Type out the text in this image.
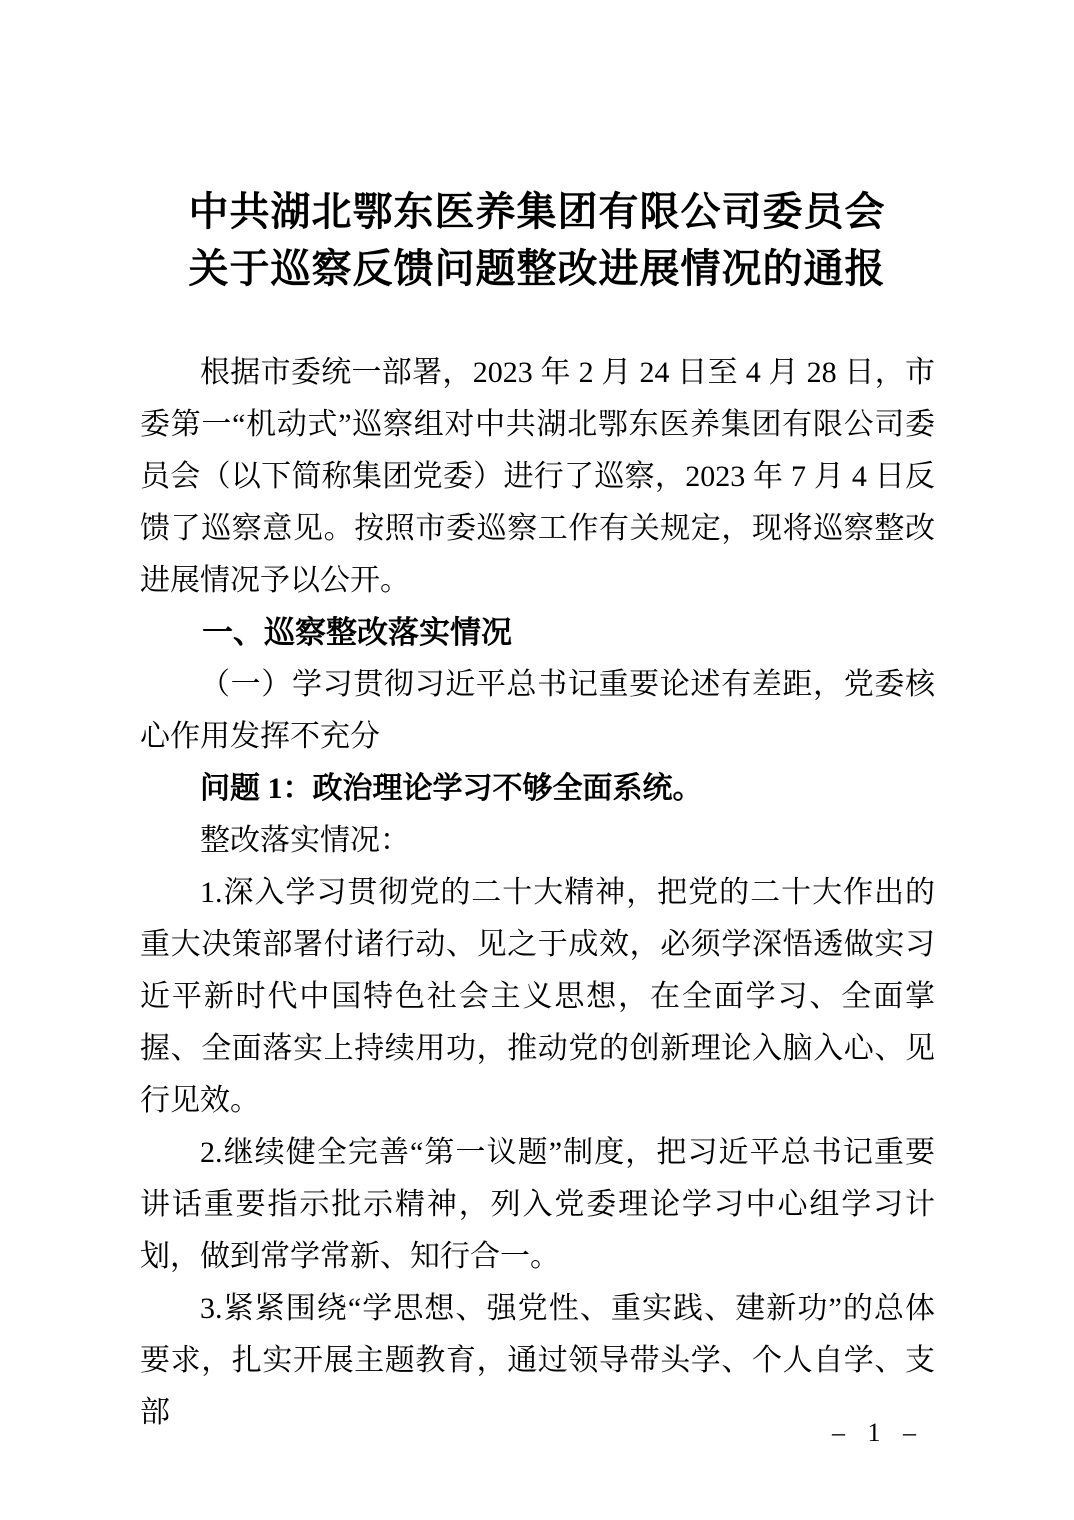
中共湖北鄂东医养集团有限公司委员会
关于巡察反馈问题整改进展情况的通报

根据市委统一部署，2023 年 2 月 24 日至 4 月 28 日，市委第一“机动式”巡察组对中共湖北鄂东医养集团有限公司委员会（以下简称集团党委）进行了巡察，2023 年 7 月 4 日反馈了巡察意见。按照市委巡察工作有关规定，现将巡察整改进展情况予以公开。

一、巡察整改落实情况

（一）学习贯彻习近平总书记重要论述有差距，党委核心作用发挥不充分

问题 1：政治理论学习不够全面系统。

整改落实情况：

1.深入学习贯彻党的二十大精神，把党的二十大作出的重大决策部署付诸行动、见之于成效，必须学深悟透做实习近平新时代中国特色社会主义思想，在全面学习、全面掌握、全面落实上持续用功，推动党的创新理论入脑入心、见行见效。

2.继续健全完善“第一议题”制度，把习近平总书记重要讲话重要指示批示精神，列入党委理论学习中心组学习计划，做到常学常新、知行合一。

3.紧紧围绕“学思想、强党性、重实践、建新功”的总体要求，扎实开展主题教育，通过领导带头学、个人自学、支部

– 1 –
